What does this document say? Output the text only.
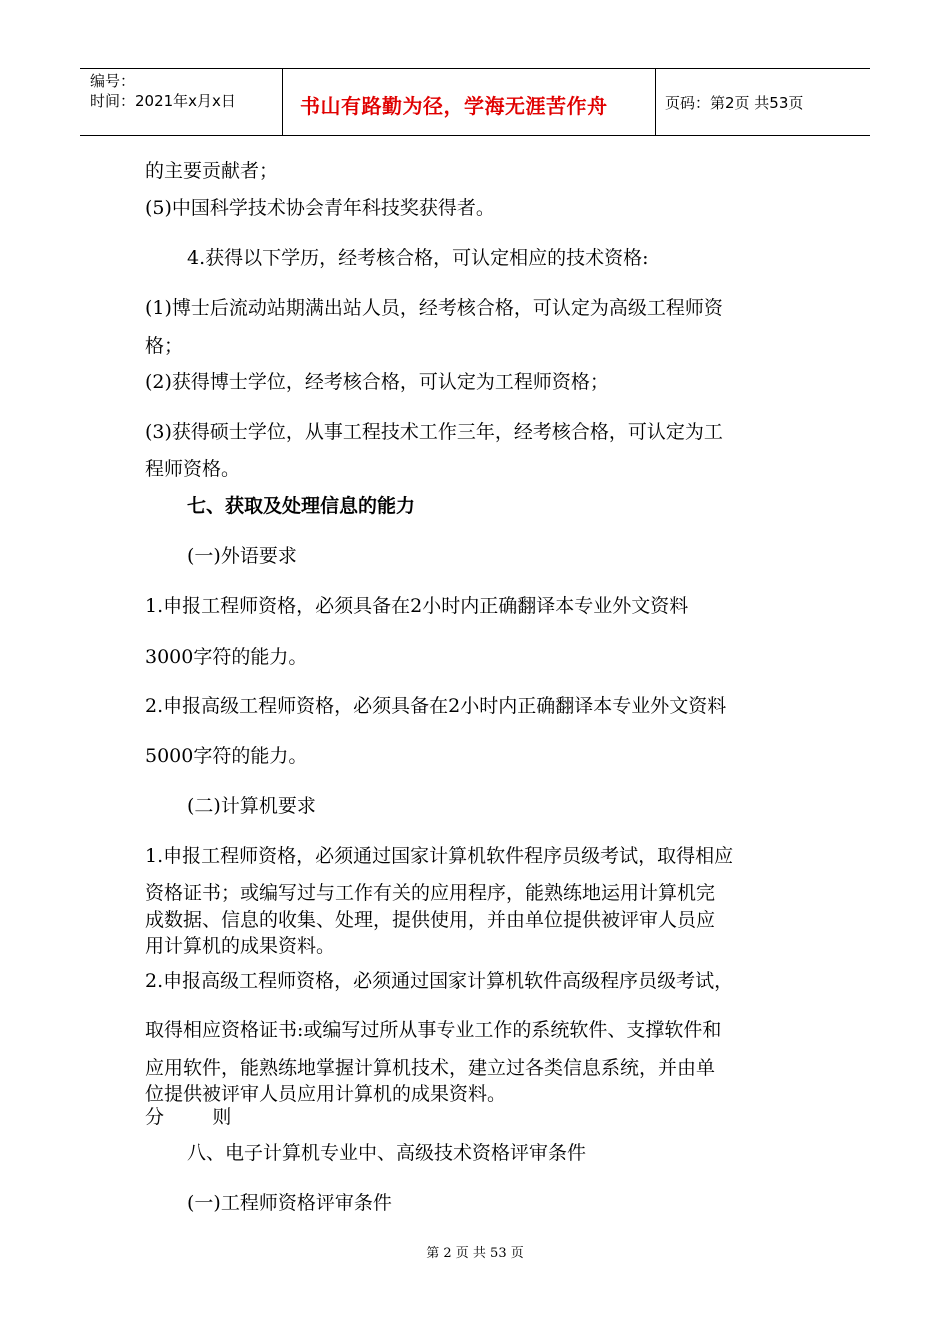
编号：
时间：2021年x月x日	书山有路勤为径，学海无涯苦作舟	页码：第2页 共53页
的主要贡献者；
(5)中国科学技术协会青年科技奖获得者。
4.获得以下学历，经考核合格，可认定相应的技术资格:
(1)博士后流动站期满出站人员，经考核合格，可认定为高级工程师资
格；
(2)获得博士学位，经考核合格，可认定为工程师资格；
(3)获得硕士学位，从事工程技术工作三年，经考核合格，可认定为工
程师资格。
七、获取及处理信息的能力
(一)外语要求
1.申报工程师资格，必须具备在2小时内正确翻译本专业外文资料
3000字符的能力。
2.申报高级工程师资格，必须具备在2小时内正确翻译本专业外文资料
5000字符的能力。
(二)计算机要求
1.申报工程师资格，必须通过国家计算机软件程序员级考试，取得相应
资格证书；或编写过与工作有关的应用程序，能熟练地运用计算机完
成数据、信息的收集、处理，提供使用，并由单位提供被评审人员应
用计算机的成果资料。
2.申报高级工程师资格，必须通过国家计算机软件高级程序员级考试，
取得相应资格证书:或编写过所从事专业工作的系统软件、支撑软件和
应用软件，能熟练地掌握计算机技术，建立过各类信息系统，并由单
位提供被评审人员应用计算机的成果资料。
分        则
八、电子计算机专业中、高级技术资格评审条件
(一)工程师资格评审条件
第 2 页 共 53 页
